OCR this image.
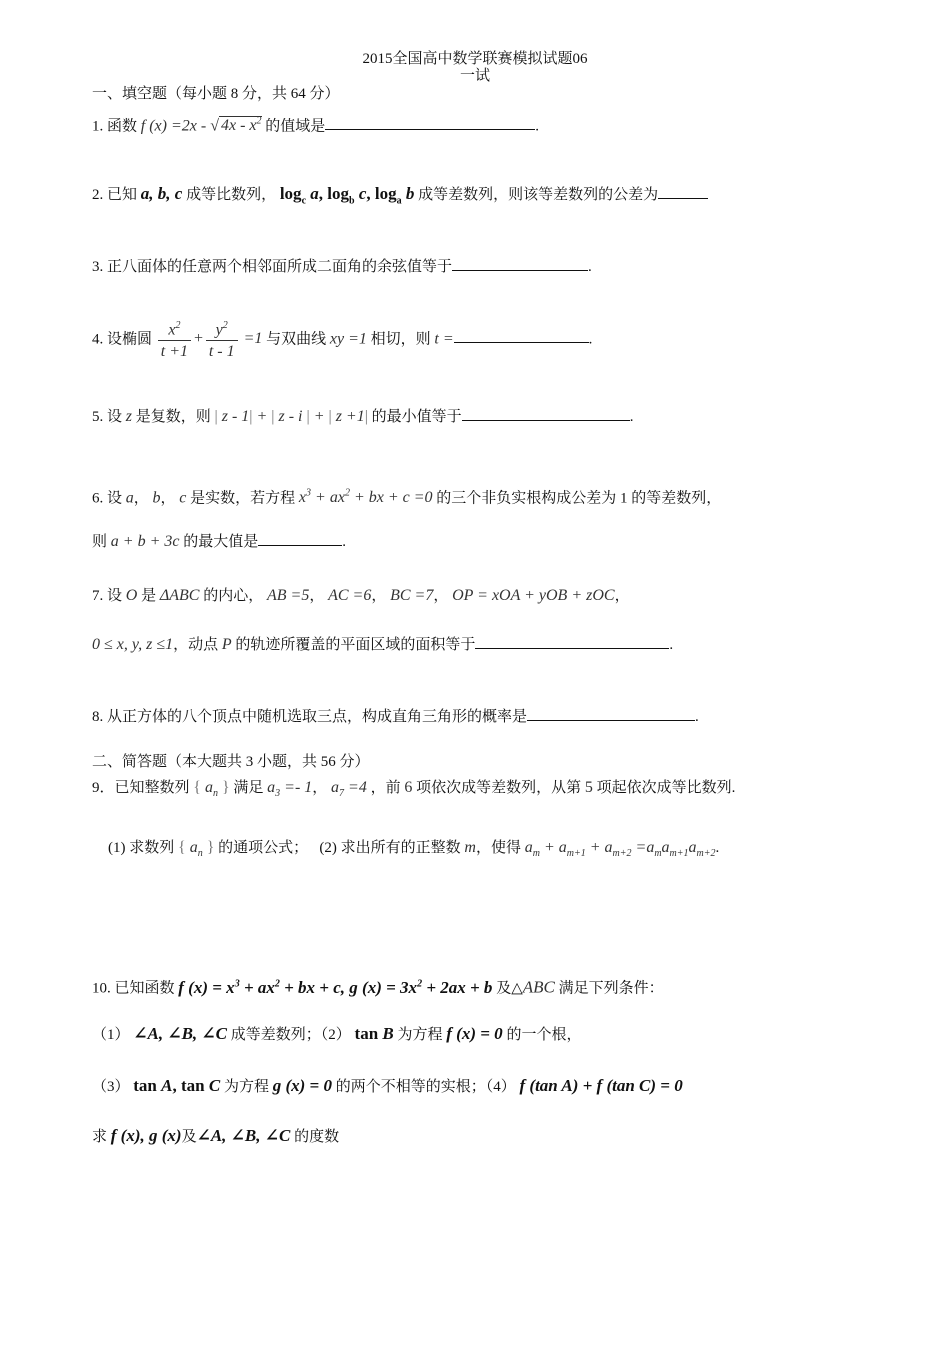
2015全国高中数学联赛模拟试题06
一试
一、填空题（每小题 8 分，共 64 分）
1. 函数 f (x) =2x - √ $4x - x^2$ 的值域是	.
2. 已知 a, b, c 成等比数列， $\log_c a$, $\log_b c$, $\log_a b$ 成等差数列，则该等差数列的公差为
3. 正八面体的任意两个相邻面所成二面角的余弦值等于	.
4. 设椭圆 $\frac{x^2}{t +1} + \frac{y^2}{t - 1} =1$ 与双曲线 xy =1 相切，则 t =	.
5. 设 z 是复数，则 | z - 1| + | z - i | + | z +1| 的最小值等于	.
6. 设 a， b， c 是实数，若方程 $x^3 + ax^2$ + bx + c =0 的三个非负实根构成公差为 1 的等差数列，
则 a + b + 3c 的最大值是	.
7. 设 O 是 ΔABC 的内心， AB =5， AC =6， BC =7， OP = xOA + yOB + zOC，
0 ≤ x, y, z ≤1，动点 P 的轨迹所覆盖的平面区域的面积等于	.
8. 从正方体的八个顶点中随机选取三点，构成直角三角形的概率是	.
二、简答题（本大题共 3 小题，共 56 分）
9．已知整数列 { $a_n$ } 满足 $a_3 =- 1$， $a_7 =4$ ，前 6 项依次成等差数列，从第 5 项起依次成等比数列.
(1) 求数列 { $a_n$ } 的通项公式； (2) 求出所有的正整数 m，使得 $a_m + a_{m+1} + a_{m+2} =a_ma_{m+1}a_{m+2}$.
10. 已知函数 f $(x) = x^3 + ax^2$ + bx + c, g $(x) = 3x^2 + 2ax + b$ 及△ABC 满足下列条件：
（1） ∠A, ∠B, ∠C 成等差数列；（2） tan B 为方程 f (x) = 0 的一个根，
（3） tan A, tan C 为方程 g (x) = 0 的两个不相等的实根；（4） f (tan A) + f (tan C) = 0
求 f (x), g (x)及∠A, ∠B, ∠C 的度数
